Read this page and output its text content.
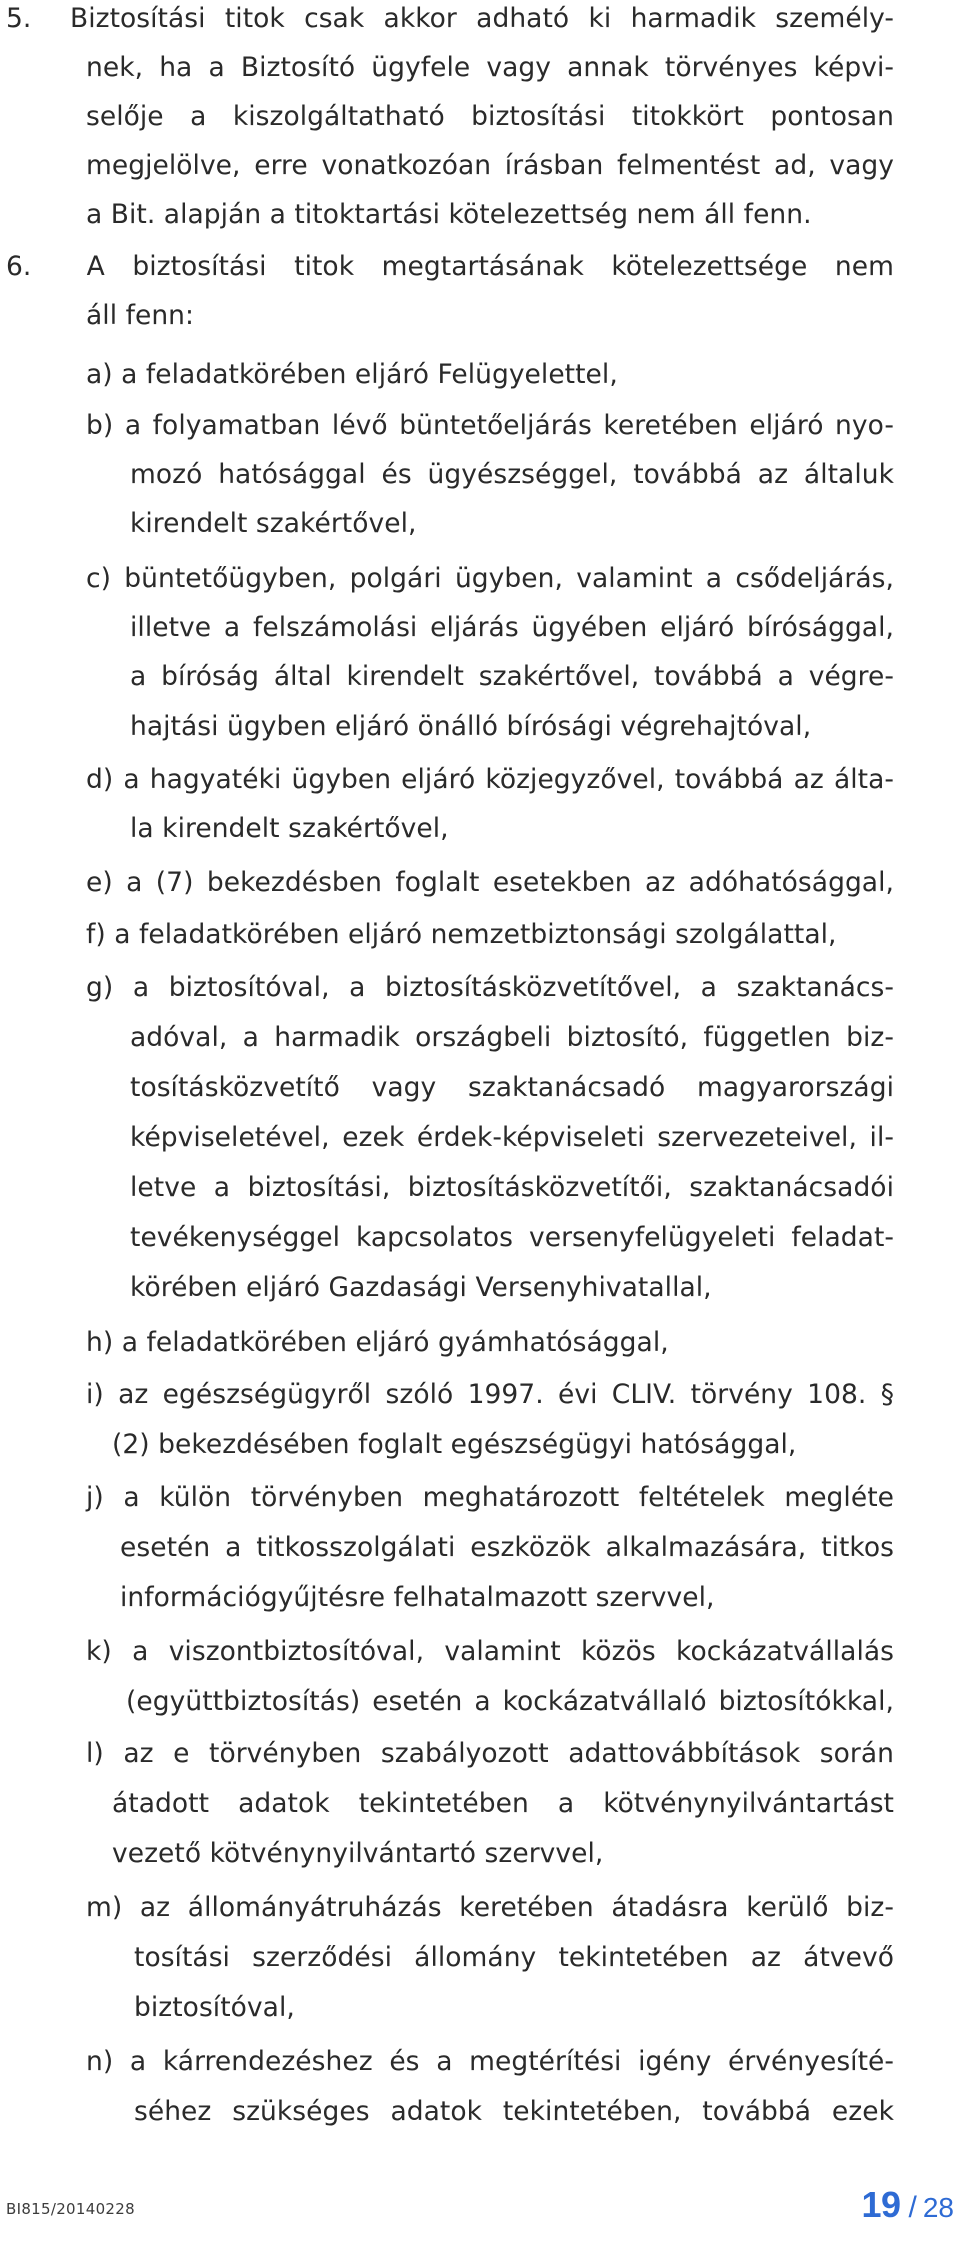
5.  Biztosítási titok csak akkor adható ki harmadik személy-
nek, ha a Biztosító ügyfele vagy annak törvényes képvi-
selője a kiszolgáltatható biztosítási titokkört pontosan
megjelölve, erre vonatkozóan írásban felmentést ad, vagy
a Bit. alapján a titoktartási kötelezettség nem áll fenn.
6.  A biztosítási titok megtartásának kötelezettsége nem
áll fenn:
a) a feladatkörében eljáró Felügyelettel,
b) a folyamatban lévő büntetőeljárás keretében eljáró nyo-
mozó hatósággal és ügyészséggel, továbbá az általuk
kirendelt szakértővel,
c) büntetőügyben, polgári ügyben, valamint a csődeljárás,
illetve a felszámolási eljárás ügyében eljáró bírósággal,
a bíróság által kirendelt szakértővel, továbbá a végre-
hajtási ügyben eljáró önálló bírósági végrehajtóval,
d) a hagyatéki ügyben eljáró közjegyzővel, továbbá az álta-
la kirendelt szakértővel,
e) a (7) bekezdésben foglalt esetekben az adóhatósággal,
f) a feladatkörében eljáró nemzetbiztonsági szolgálattal,
g) a biztosítóval, a biztosításközvetítővel, a szaktanács-
adóval, a harmadik országbeli biztosító, független biz-
tosításközvetítő vagy szaktanácsadó magyarországi
képviseletével, ezek érdek-képviseleti szervezeteivel, il-
letve a biztosítási, biztosításközvetítői, szaktanácsadói
tevékenységgel kapcsolatos versenyfelügyeleti feladat-
körében eljáró Gazdasági Versenyhivatallal,
h) a feladatkörében eljáró gyámhatósággal,
i) az egészségügyről szóló 1997. évi CLIV. törvény 108. §
(2) bekezdésében foglalt egészségügyi hatósággal,
j) a külön törvényben meghatározott feltételek megléte
esetén a titkosszolgálati eszközök alkalmazására, titkos
információgyűjtésre felhatalmazott szervvel,
k) a viszontbiztosítóval, valamint közös kockázatvállalás
(együttbiztosítás) esetén a kockázatvállaló biztosítókkal,
l) az e törvényben szabályozott adattovábbítások során
átadott adatok tekintetében a kötvénynyilvántartást
vezető kötvénynyilvántartó szervvel,
m) az állományátruházás keretében átadásra kerülő biz-
tosítási szerződési állomány tekintetében az átvevő
biztosítóval,
n) a kárrendezéshez és a megtérítési igény érvényesíté-
séhez szükséges adatok tekintetében, továbbá ezek
BI815/20140228	19 / 28
